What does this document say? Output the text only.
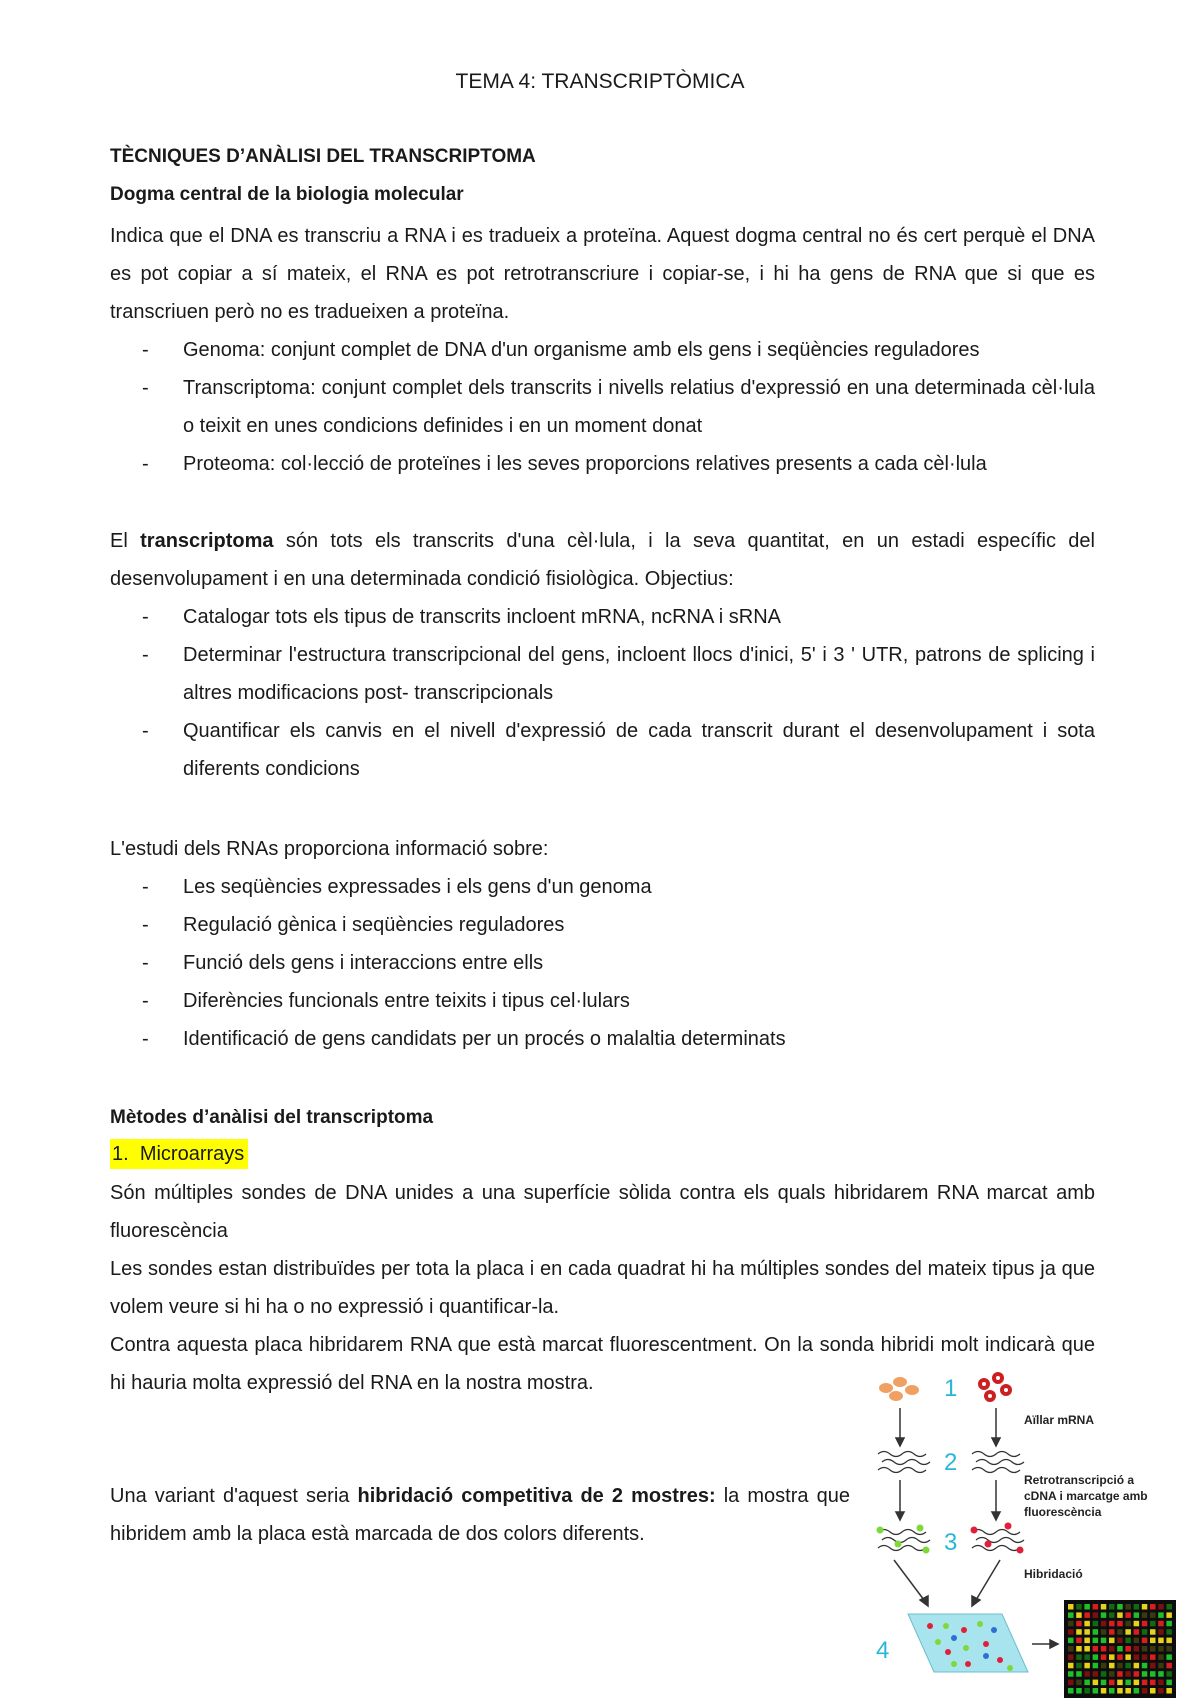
TEMA 4: TRANSCRIPTÒMICA
TÈCNIQUES D’ANÀLISI DEL TRANSCRIPTOMA
Dogma central de la biologia molecular

Indica que el DNA es transcriu a RNA i es tradueix a proteïna. Aquest dogma central no és cert perquè el DNA es pot copiar a sí mateix, el RNA es pot retrotranscriure i copiar-se, i hi ha gens de RNA que si que es transcriuen però no es tradueixen a proteïna.

- Genoma: conjunt complet de DNA d'un organisme amb els gens i seqüències reguladores
- Transcriptoma: conjunt complet dels transcrits i nivells relatius d'expressió en una determinada cèl·lula o teixit en unes condicions definides i en un moment donat
- Proteoma: col·lecció de proteïnes i les seves proporcions relatives presents a cada cèl·lula

El transcriptoma són tots els transcrits d'una cèl·lula, i la seva quantitat, en un estadi específic del desenvolupament i en una determinada condició fisiològica. Objectius:

- Catalogar tots els tipus de transcrits incloent mRNA, ncRNA i sRNA
- Determinar l'estructura transcripcional del gens, incloent llocs d'inici, 5' i 3 ' UTR, patrons de splicing i altres modificacions post- transcripcionals
- Quantificar els canvis en el nivell d'expressió de cada transcrit durant el desenvolupament i sota diferents condicions

L'estudi dels RNAs proporciona informació sobre:

- Les seqüències expressades i els gens d'un genoma
- Regulació gènica i seqüències reguladores
- Funció dels gens i interaccions entre ells
- Diferències funcionals entre teixits i tipus cel·lulars
- Identificació de gens candidats per un procés o malaltia determinats
Mètodes d’anàlisi del transcriptoma
1. Microarrays

Són múltiples sondes de DNA unides a una superfície sòlida contra els quals hibridarem RNA marcat amb fluorescència

Les sondes estan distribuïdes per tota la placa i en cada quadrat hi ha múltiples sondes del mateix tipus ja que volem veure si hi ha o no expressió i quantificar-la.

Contra aquesta placa hibridarem RNA que està marcat fluorescentment. On la sonda hibridi molt indicarà que hi hauria molta expressió del RNA en la nostra mostra.

Una variant d'aquest seria hibridació competitiva de 2 mostres: la mostra que hibridem amb la placa està marcada de dos colors diferents.

1
Aïllar mRNA
2
Retrotranscripció a
cDNA i marcatge amb
fluorescència
3
Hibridació
4
